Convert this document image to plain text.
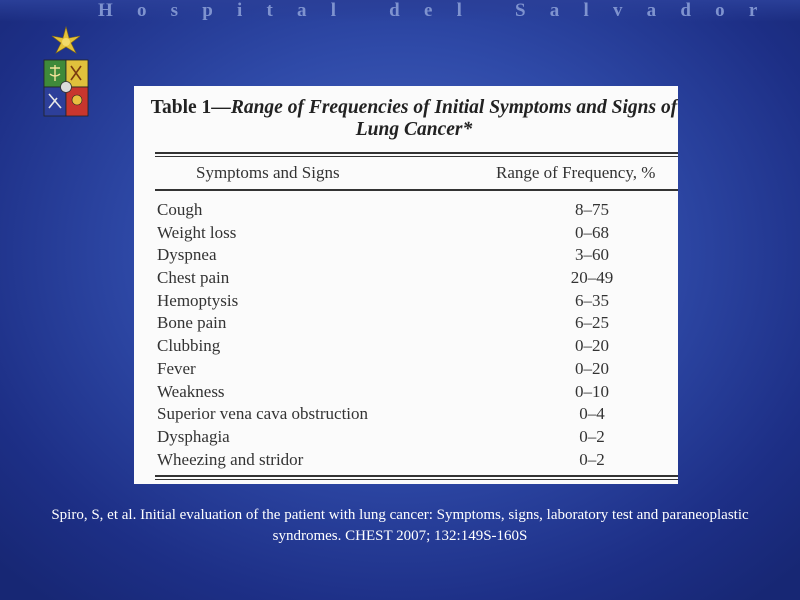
Hospital del Salvador
Table 1—Range of Frequencies of Initial Symptoms and Signs of Lung Cancer*
Symptoms and Signs	Range of Frequency, %
Cough	8–75
Weight loss	0–68
Dyspnea	3–60
Chest pain	20–49
Hemoptysis	6–35
Bone pain	6–25
Clubbing	0–20
Fever	0–20
Weakness	0–10
Superior vena cava obstruction	0–4
Dysphagia	0–2
Wheezing and stridor	0–2
Spiro, S, et al. Initial evaluation of the patient with lung cancer: Symptoms, signs, laboratory test and paraneoplastic syndromes. CHEST 2007; 132:149S-160S
